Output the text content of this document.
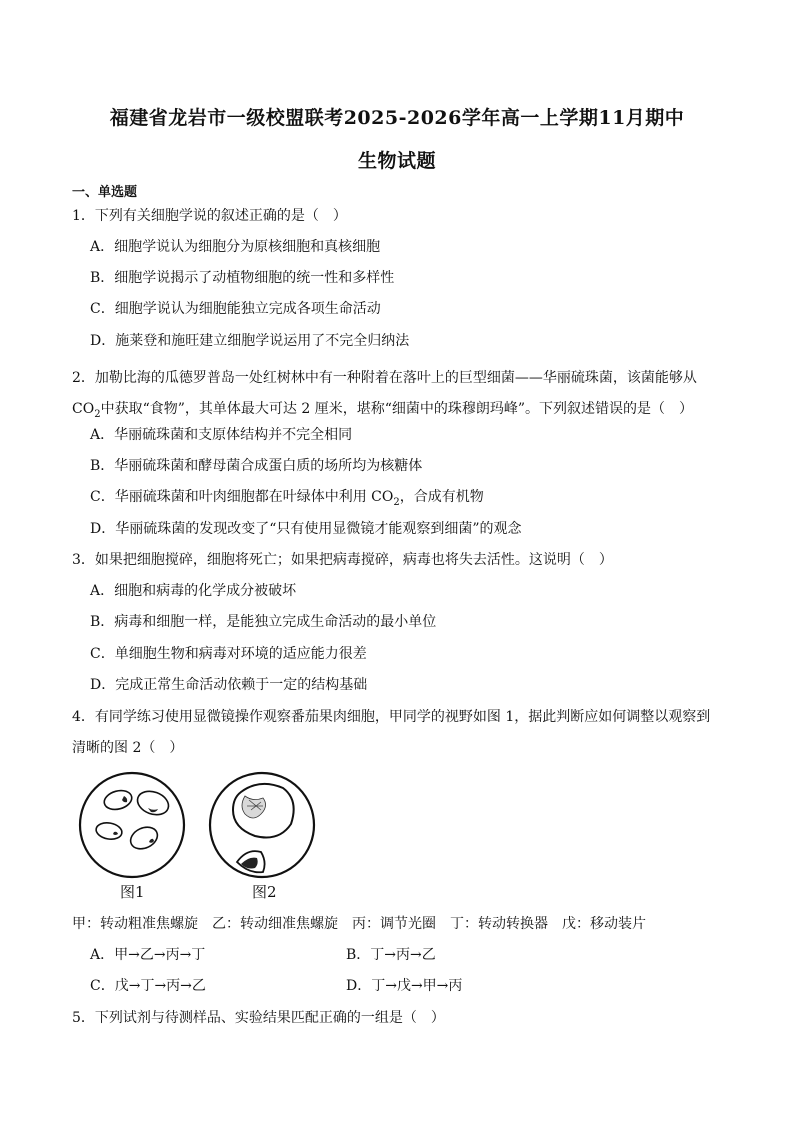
福建省龙岩市一级校盟联考2025-2026学年高一上学期11月期中
生物试题
一、单选题
1．下列有关细胞学说的叙述正确的是（　）
A．细胞学说认为细胞分为原核细胞和真核细胞
B．细胞学说揭示了动植物细胞的统一性和多样性
C．细胞学说认为细胞能独立完成各项生命活动
D．施莱登和施旺建立细胞学说运用了不完全归纳法
2．加勒比海的瓜德罗普岛一处红树林中有一种附着在落叶上的巨型细菌——华丽硫珠菌，该菌能够从 $CO_2$中获取“食物”，其单体最大可达 2 厘米，堪称“细菌中的珠穆朗玛峰”。下列叙述错误的是（　）
A．华丽硫珠菌和支原体结构并不完全相同
B．华丽硫珠菌和酵母菌合成蛋白质的场所均为核糖体
C．华丽硫珠菌和叶肉细胞都在叶绿体中利用 $CO_2$，合成有机物
D．华丽硫珠菌的发现改变了“只有使用显微镜才能观察到细菌”的观念
3．如果把细胞搅碎，细胞将死亡；如果把病毒搅碎，病毒也将失去活性。这说明（　）
A．细胞和病毒的化学成分被破坏
B．病毒和细胞一样，是能独立完成生命活动的最小单位
C．单细胞生物和病毒对环境的适应能力很差
D．完成正常生命活动依赖于一定的结构基础
4．有同学练习使用显微镜操作观察番茄果肉细胞，甲同学的视野如图 1，据此判断应如何调整以观察到清晰的图 2（　）
图1	图2
甲：转动粗准焦螺旋　乙：转动细准焦螺旋　丙：调节光圈　丁：转动转换器　戊：移动装片
A．甲→乙→丙→丁	B．丁→丙→乙
C．戊→丁→丙→乙	D．丁→戊→甲→丙
5．下列试剂与待测样品、实验结果匹配正确的一组是（　）
